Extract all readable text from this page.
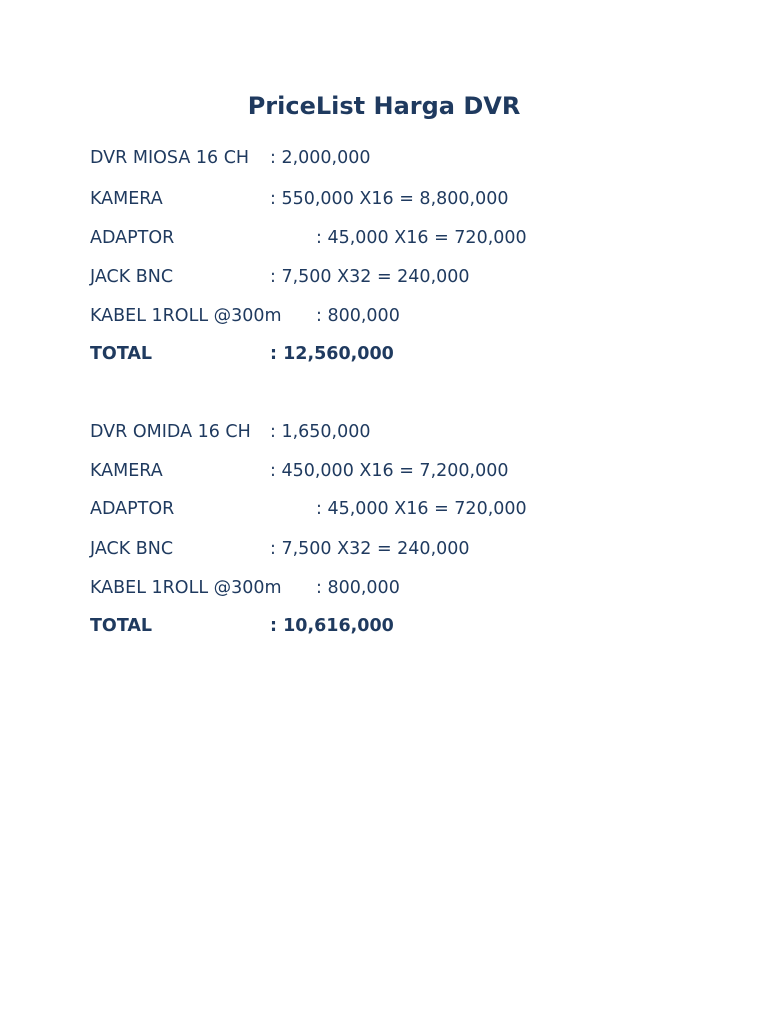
PriceList Harga DVR
DVR MIOSA 16 CH : 2,000,000
KAMERA	: 550,000 X16 = 8,800,000
ADAPTOR	: 45,000 X16 = 720,000
JACK BNC	: 7,500 X32 = 240,000
KABEL 1ROLL @300m : 800,000
TOTAL	: 12,560,000
DVR OMIDA 16 CH : 1,650,000
KAMERA	: 450,000 X16 = 7,200,000
ADAPTOR	: 45,000 X16 = 720,000
JACK BNC	: 7,500 X32 = 240,000
KABEL 1ROLL @300m : 800,000
TOTAL	: 10,616,000
